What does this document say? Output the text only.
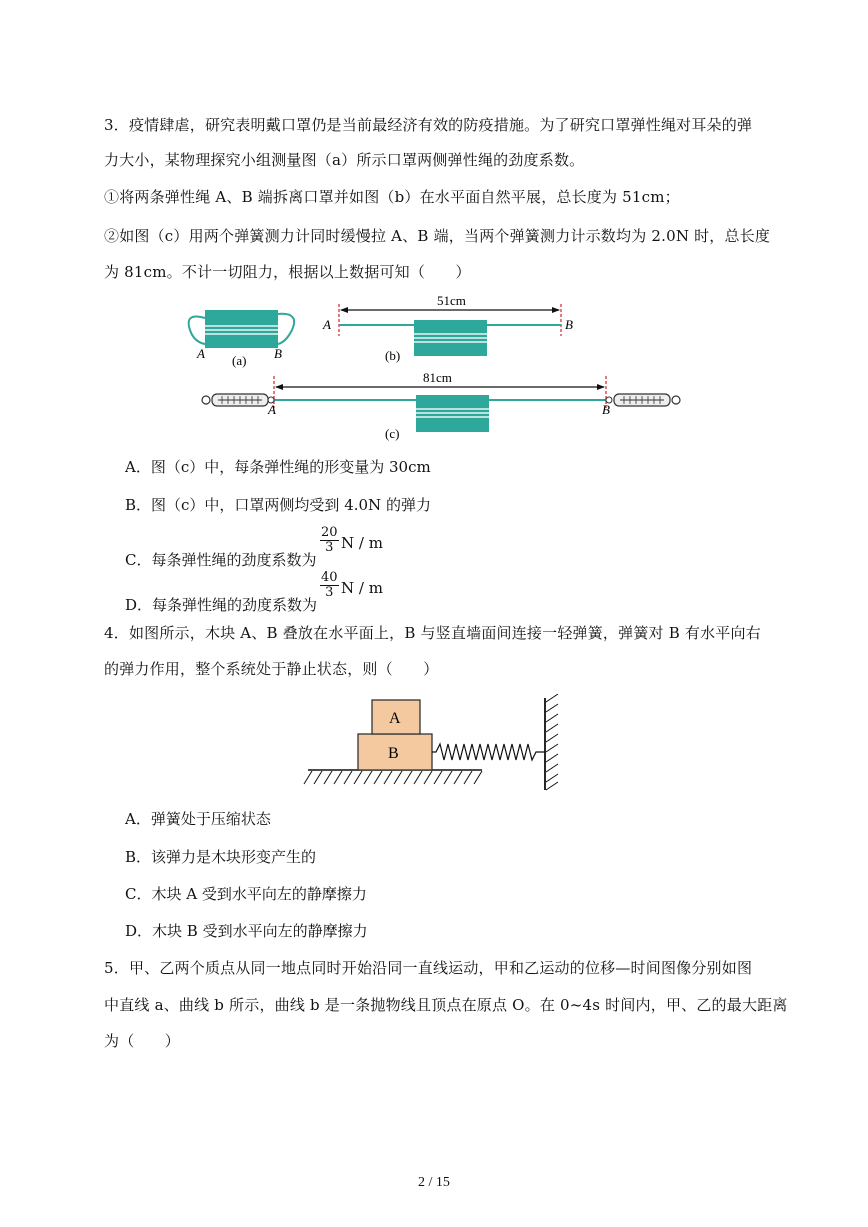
3．疫情肆虐，研究表明戴口罩仍是当前最经济有效的防疫措施。为了研究口罩弹性绳对耳朵的弹
力大小，某物理探究小组测量图（a）所示口罩两侧弹性绳的劲度系数。
①将两条弹性绳 A、B 端拆离口罩并如图（b）在水平面自然平展，总长度为 51cm；
②如图（c）用两个弹簧测力计同时缓慢拉 A、B 端，当两个弹簧测力计示数均为 2.0N 时，总长度
为 81cm。不计一切阻力，根据以上数据可知（　　）
A (a) B
51cm
A	B
(b)
81cm
A	B
(c)
A．图（c）中，每条弹性绳的形变量为 30cm
B．图（c）中，口罩两侧均受到 4.0N 的弹力
C．每条弹性绳的劲度系数为
$\frac{20}{3}$ N / m
D．每条弹性绳的劲度系数为
$\frac{40}{3}$ N / m
4．如图所示，木块 A、B 叠放在水平面上，B 与竖直墙面间连接一轻弹簧，弹簧对 B 有水平向右
的弹力作用，整个系统处于静止状态，则（　　）
B
A
A．弹簧处于压缩状态
B．该弹力是木块形变产生的
C．木块 A 受到水平向左的静摩擦力
D．木块 B 受到水平向左的静摩擦力
5．甲、乙两个质点从同一地点同时开始沿同一直线运动，甲和乙运动的位移—时间图像分别如图
中直线 a、曲线 b 所示，曲线 b 是一条抛物线且顶点在原点 O。在 0~4s 时间内，甲、乙的最大距离
为（　　）
2 / 15
